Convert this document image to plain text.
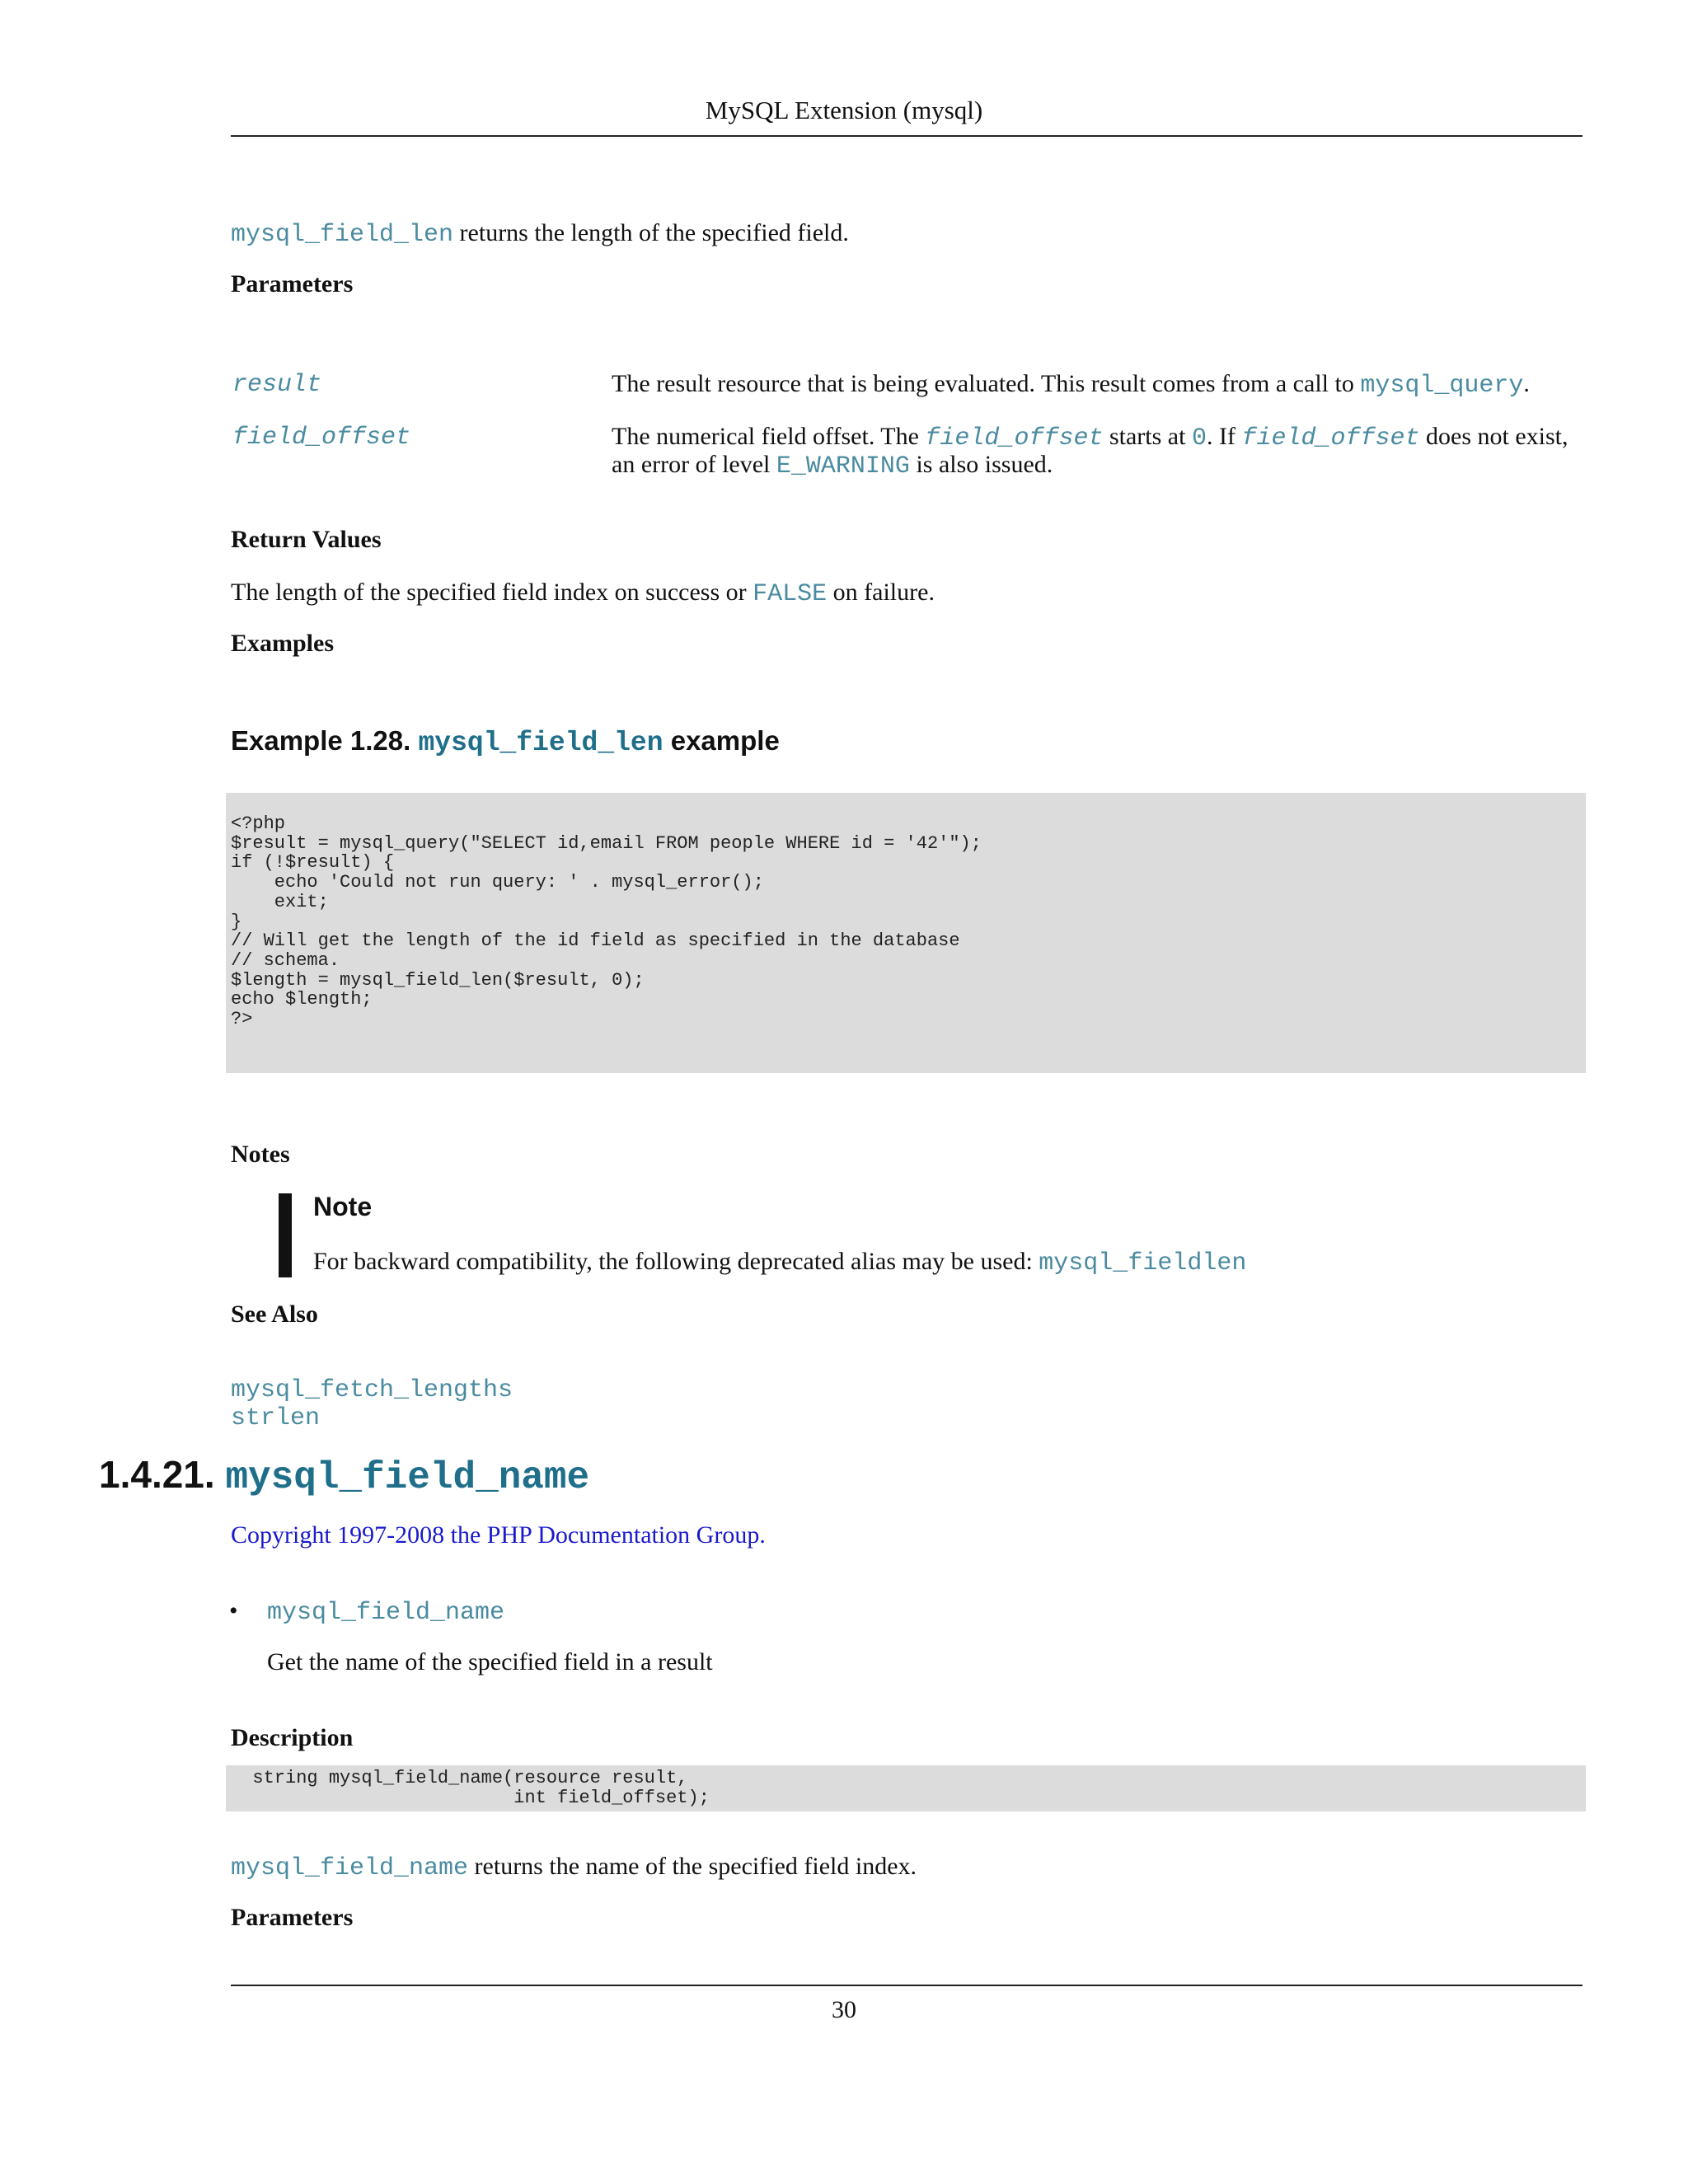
MySQL Extension (mysql)
mysql_field_len returns the length of the specified field.
Parameters
result	The result resource that is being evaluated. This result comes from a call to mysql_query.
field_offset	The numerical field offset. The field_offset starts at 0. If field_offset does not exist, an error of level E_WARNING is also issued.
Return Values
The length of the specified field index on success or FALSE on failure.
Examples
Example 1.28. mysql_field_len example
<?php
$result = mysql_query("SELECT id,email FROM people WHERE id = '42'");
if (!$result) {
echo 'Could not run query: ' . mysql_error();
exit;
}
// Will get the length of the id field as specified in the database
// schema.
$length = mysql_field_len($result, 0);
echo $length;
?>
Notes
Note
For backward compatibility, the following deprecated alias may be used: mysql_fieldlen
See Also
mysql_fetch_lengths
strlen
1.4.21. mysql_field_name
Copyright 1997-2008 the PHP Documentation Group.
• mysql_field_name
Get the name of the specified field in a result
Description
string mysql_field_name(resource result,
int field_offset);
mysql_field_name returns the name of the specified field index.
Parameters
30
